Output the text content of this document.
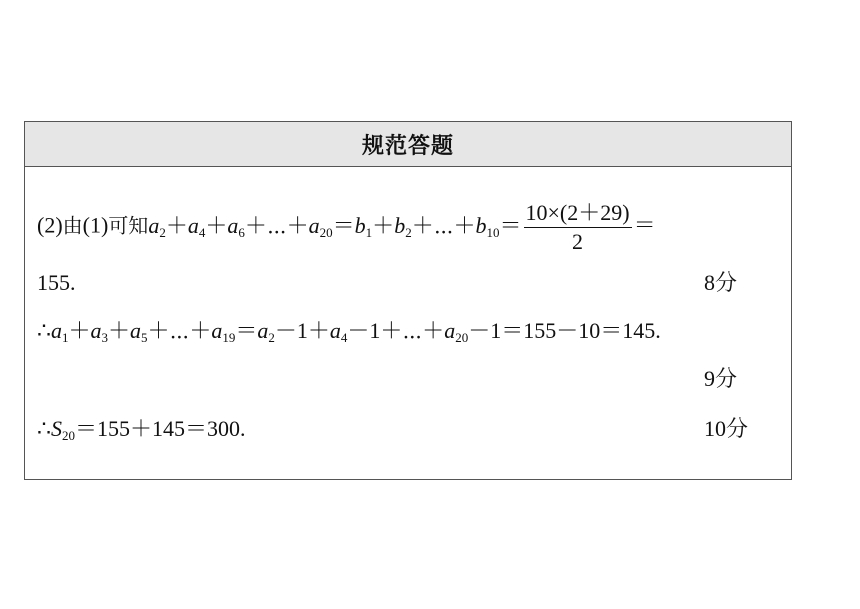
规范答题
(2)由(1)可知$a_2+a_4+a_6+\cdots+a_{20}=b_1+b_2+\cdots+b_{10}= \frac{10\times(2+29)}{2}$ ＝
155.	8分
$\therefore a_1+a_3+a_5+\cdots+a_{19}=a_2-1+a_4-1+\cdots+a_{20}-1=155-10=145$.
9分
$\therefore S_{20}=155+145=300$.	10分
